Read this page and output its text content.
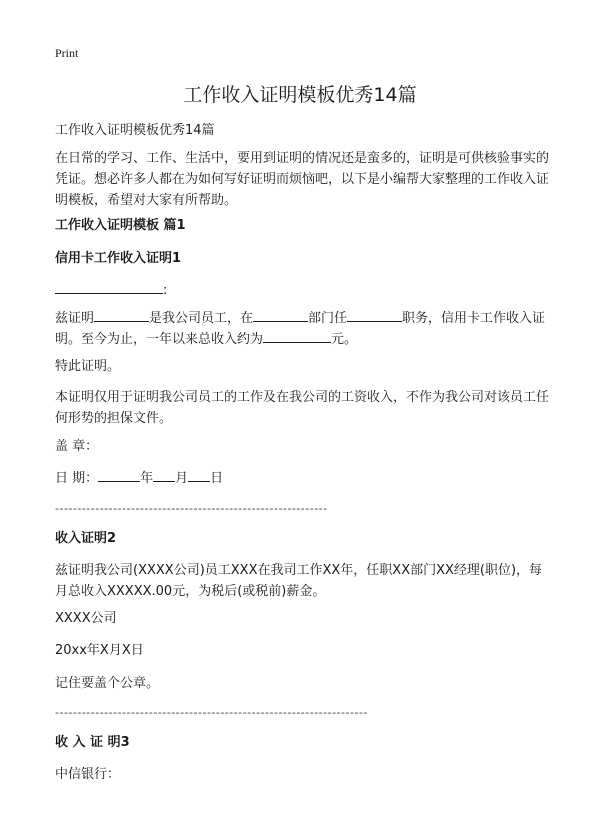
Print
工作收入证明模板优秀14篇
工作收入证明模板优秀14篇
在日常的学习、工作、生活中，要用到证明的情况还是蛮多的，证明是可供核验事实的凭证。想必许多人都在为如何写好证明而烦恼吧，以下是小编帮大家整理的工作收入证明模板，希望对大家有所帮助。
工作收入证明模板 篇1
信用卡工作收入证明1
:
兹证明	是我公司员工，在	部门任	职务，信用卡工作收入证明。至今为止，一年以来总收入约为	元。
特此证明。
本证明仅用于证明我公司员工的工作及在我公司的工资收入，不作为我公司对该员工任何形势的担保文件。
盖 章：
日 期：	年 月 日
-------------------------------------------------------------
收入证明2
兹证明我公司(XXXX公司)员工XXX在我司工作XX年，任职XX部门XX经理(职位)，每月总收入XXXXX.00元，为税后(或税前)薪金。
XXXX公司
20xx年X月X日
记住要盖个公章。
----------------------------------------------------------------------
收 入 证 明3
中信银行：
